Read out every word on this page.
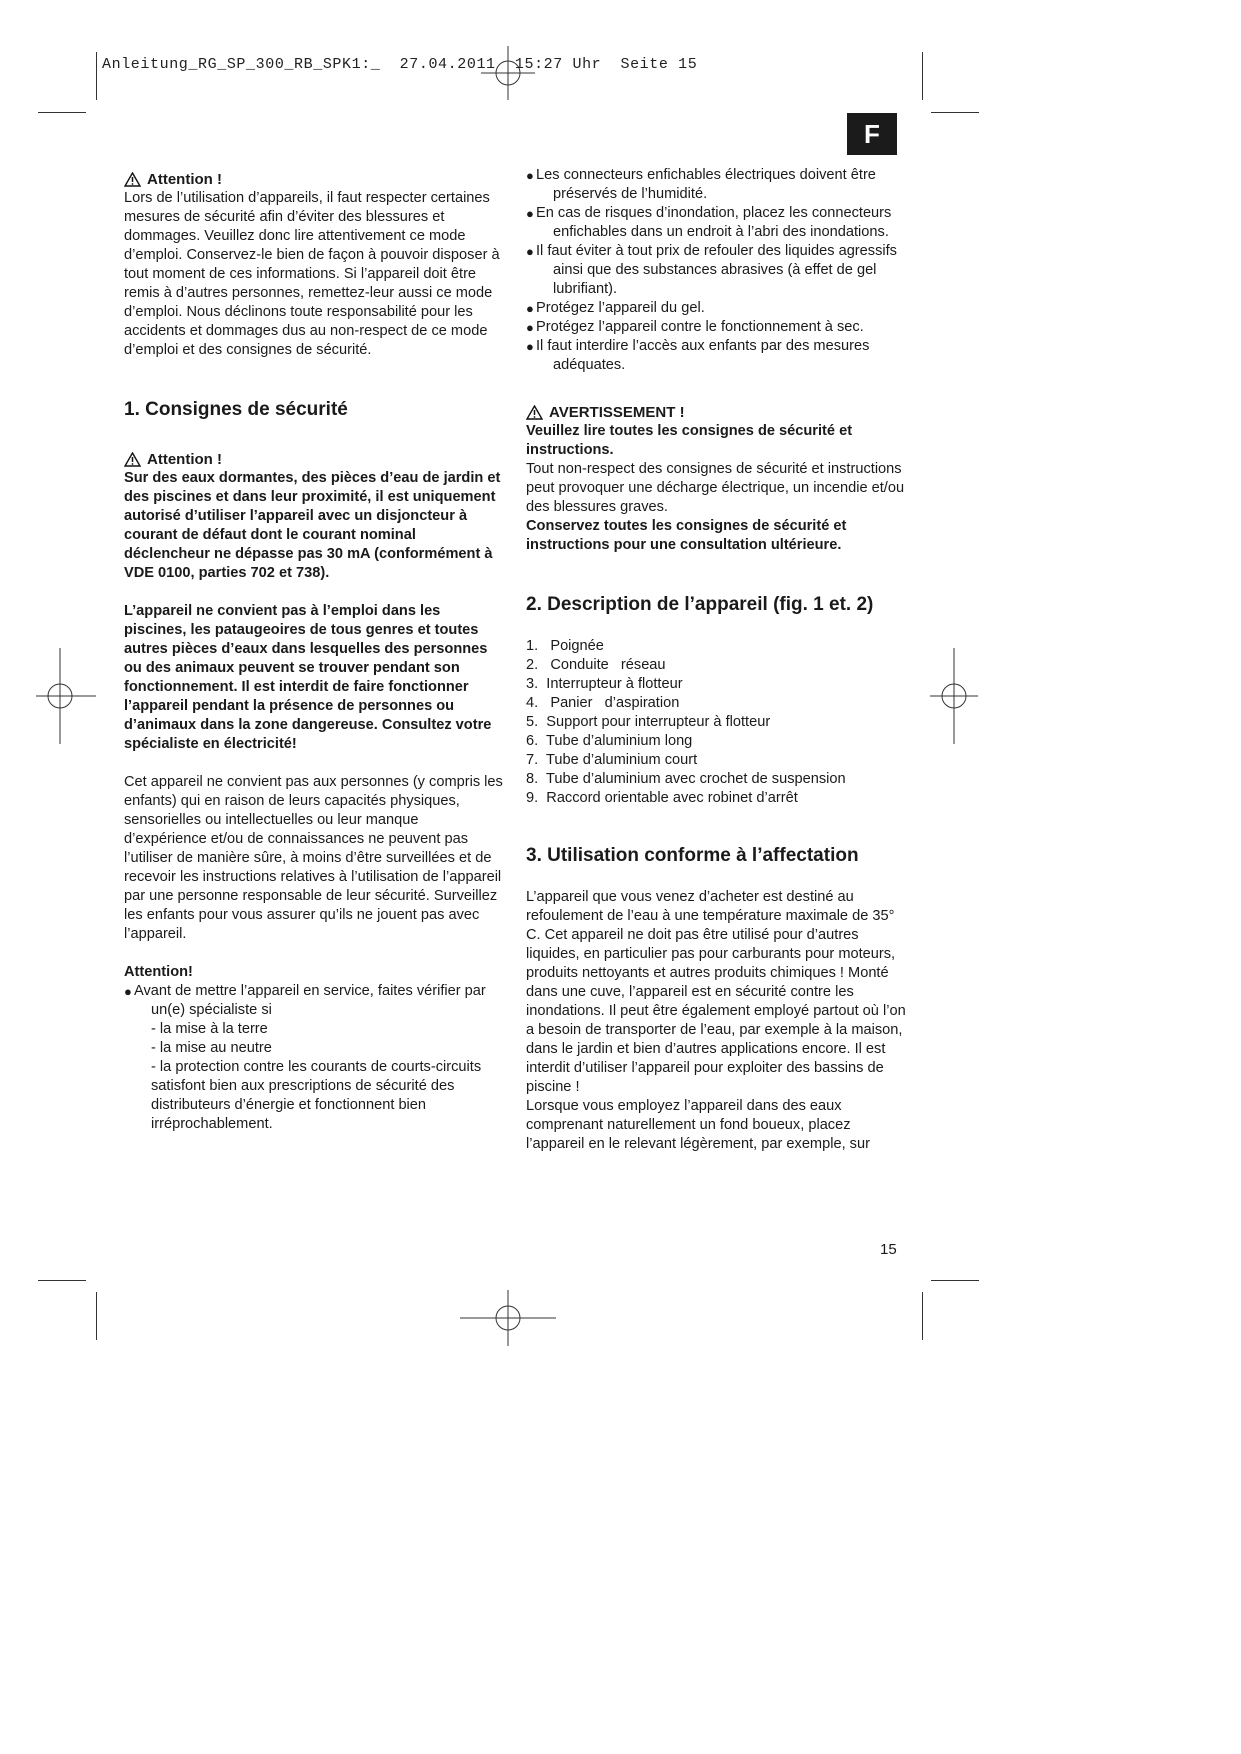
Anleitung_RG_SP_300_RB_SPK1:_  27.04.2011  15:27 Uhr  Seite 15
F
Attention !

Lors de l’utilisation d’appareils, il faut respecter certaines mesures de sécurité afin d’éviter des blessures et dommages. Veuillez donc lire attentivement ce mode d’emploi. Conservez-le bien de façon à pouvoir disposer à tout moment de ces informations. Si l’appareil doit être remis à d’autres personnes, remettez-leur aussi ce mode d’emploi. Nous déclinons toute responsabilité pour les accidents et dommages dus au non-respect de ce mode d’emploi et des consignes de sécurité.

1. Consignes de sécurité
Attention !

Sur des eaux dormantes, des pièces d’eau de jardin et des piscines et dans leur proximité, il est uniquement autorisé d’utiliser l’appareil avec un disjoncteur à courant de défaut dont le courant nominal déclencheur ne dépasse pas 30 mA (conformément à VDE 0100, parties 702 et 738).

L’appareil ne convient pas à l’emploi dans les piscines, les pataugeoires de tous genres et toutes autres pièces d’eaux dans lesquelles des personnes ou des animaux peuvent se trouver pendant son fonctionnement. Il est interdit de faire fonctionner l’appareil pendant la présence de personnes ou d’animaux dans la zone dangereuse. Consultez votre spécialiste en électricité!

Cet appareil ne convient pas aux personnes (y compris les enfants) qui en raison de leurs capacités physiques, sensorielles ou intellectuelles ou leur manque d’expérience et/ou de connaissances ne peuvent pas l’utiliser de manière sûre, à moins d’être surveillées et de recevoir les instructions relatives à l’utilisation de l’appareil par une personne responsable de leur sécurité. Surveillez les enfants pour vous assurer qu’ils ne jouent pas avec l’appareil.

Attention!

● Avant de mettre l’appareil en service, faites vérifier par un(e) spécialiste si
- la mise à la terre
- la mise au neutre
- la protection contre les courants de courts-circuits
satisfont bien aux prescriptions de sécurité des distributeurs d’énergie et fonctionnent bien irréprochablement.
● Les connecteurs enfichables électriques doivent être préservés de l’humidité.
● En cas de risques d’inondation, placez les connecteurs enfichables dans un endroit à l’abri des inondations.
● Il faut éviter à tout prix de refouler des liquides agressifs ainsi que des substances abrasives (à effet de gel lubrifiant).
● Protégez l’appareil du gel.
● Protégez l’appareil contre le fonctionnement à sec.
● Il faut interdire l’accès aux enfants par des mesures adéquates.
AVERTISSEMENT !

Veuillez lire toutes les consignes de sécurité et instructions.

Tout non-respect des consignes de sécurité et instructions peut provoquer une décharge électrique, un incendie et/ou des blessures graves.

Conservez toutes les consignes de sécurité et instructions pour une consultation ultérieure.

2. Description de l’appareil (fig. 1 et. 2)
1.   Poignée
2.   Conduite   réseau
3.  Interrupteur à flotteur
4.   Panier   d’aspiration
5.  Support pour interrupteur à flotteur
6.  Tube d’aluminium long
7.  Tube d’aluminium court
8.  Tube d’aluminium avec crochet de suspension
9.  Raccord orientable avec robinet d’arrêt
3. Utilisation conforme à l’affectation

L’appareil que vous venez d’acheter est destiné au refoulement de l’eau à une température maximale de 35° C. Cet appareil ne doit pas être utilisé pour d’autres liquides, en particulier pas pour carburants pour moteurs, produits nettoyants et autres produits chimiques ! Monté dans une cuve, l’appareil est en sécurité contre les inondations. Il peut être également employé partout où l’on a besoin de transporter de l’eau, par exemple à la maison, dans le jardin et bien d’autres applications encore. Il est interdit d’utiliser l’appareil pour exploiter des bassins de piscine !

Lorsque vous employez l’appareil dans des eaux comprenant naturellement un fond boueux, placez l’appareil en le relevant légèrement, par exemple, sur

15
